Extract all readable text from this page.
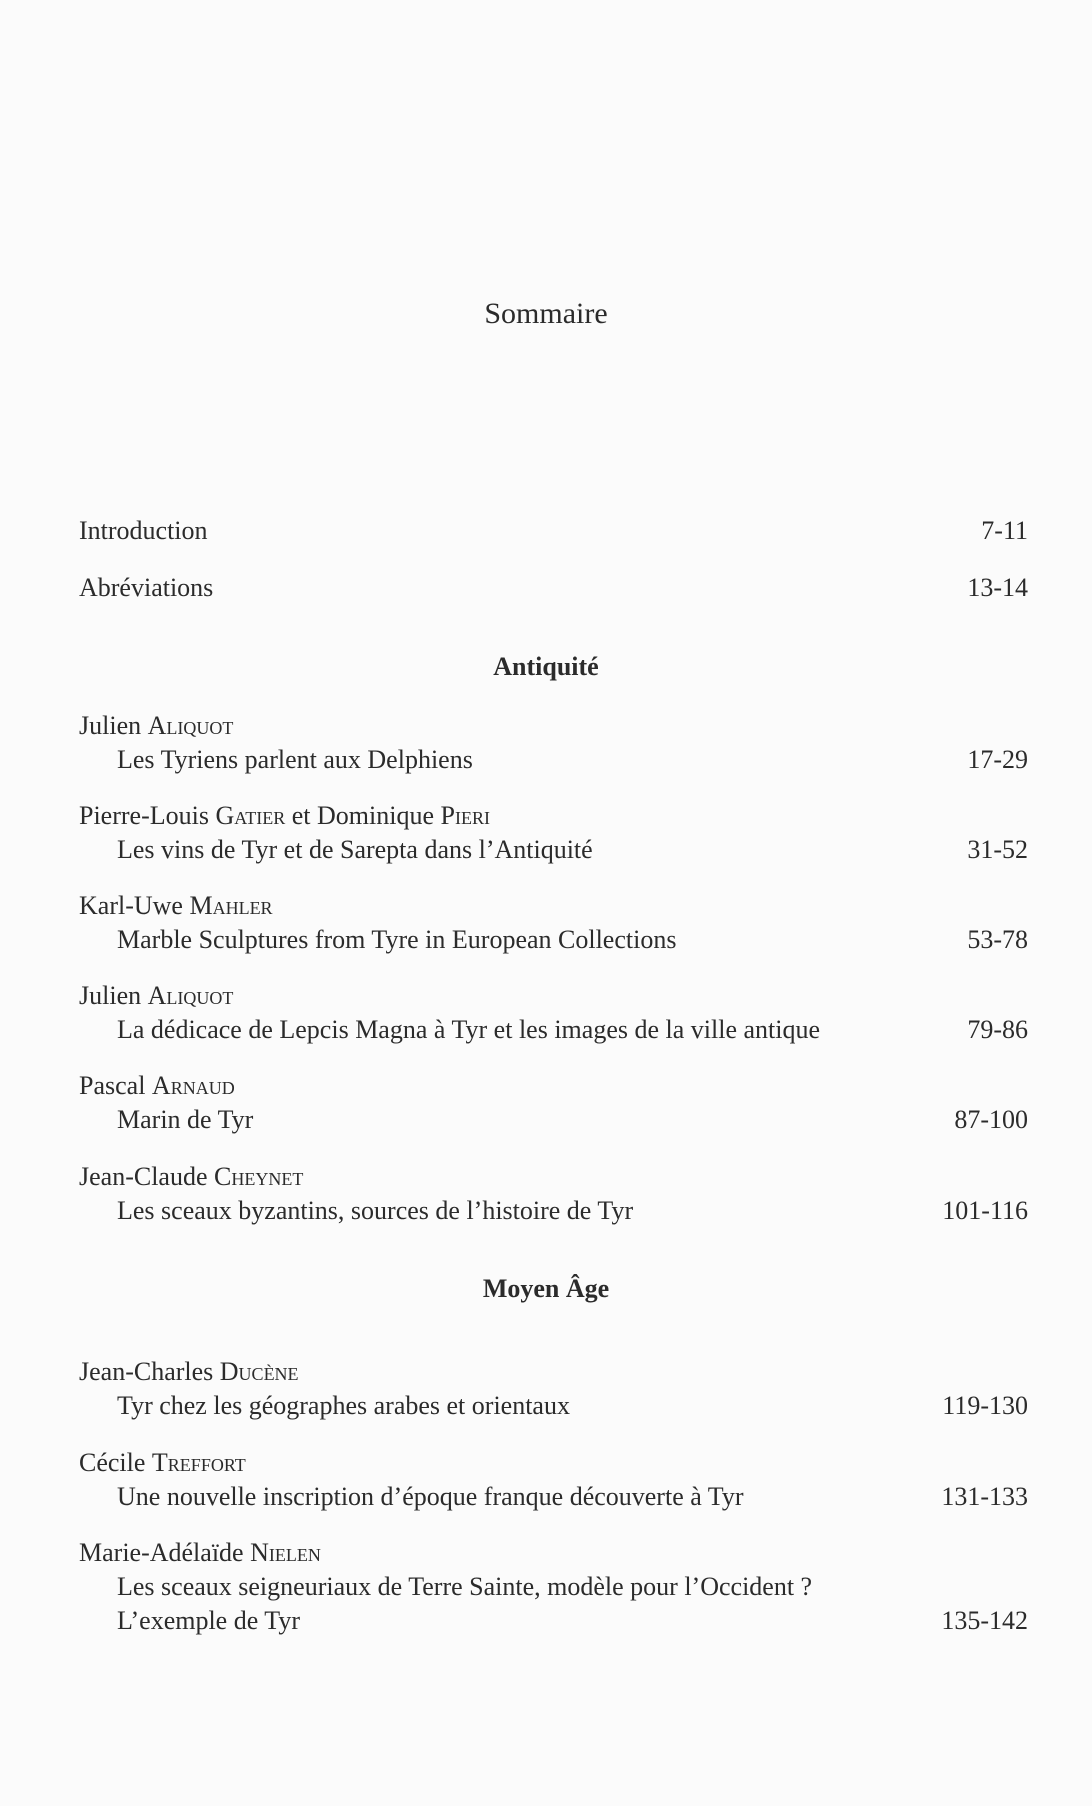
Sommaire
Introduction	7-11
Abréviations	13-14
Antiquité
Julien Aliquot
Les Tyriens parlent aux Delphiens	17-29
Pierre-Louis Gatier et Dominique Pieri
Les vins de Tyr et de Sarepta dans l’Antiquité	31-52
Karl-Uwe Mahler
Marble Sculptures from Tyre in European Collections	53-78
Julien Aliquot
La dédicace de Lepcis Magna à Tyr et les images de la ville antique	79-86
Pascal Arnaud
Marin de Tyr	87-100
Jean-Claude Cheynet
Les sceaux byzantins, sources de l’histoire de Tyr	101-116
Moyen Âge
Jean-Charles Ducène
Tyr chez les géographes arabes et orientaux	119-130
Cécile Treffort
Une nouvelle inscription d’époque franque découverte à Tyr	131-133
Marie-Adélaïde Nielen
Les sceaux seigneuriaux de Terre Sainte, modèle pour l’Occident ?
L’exemple de Tyr	135-142
